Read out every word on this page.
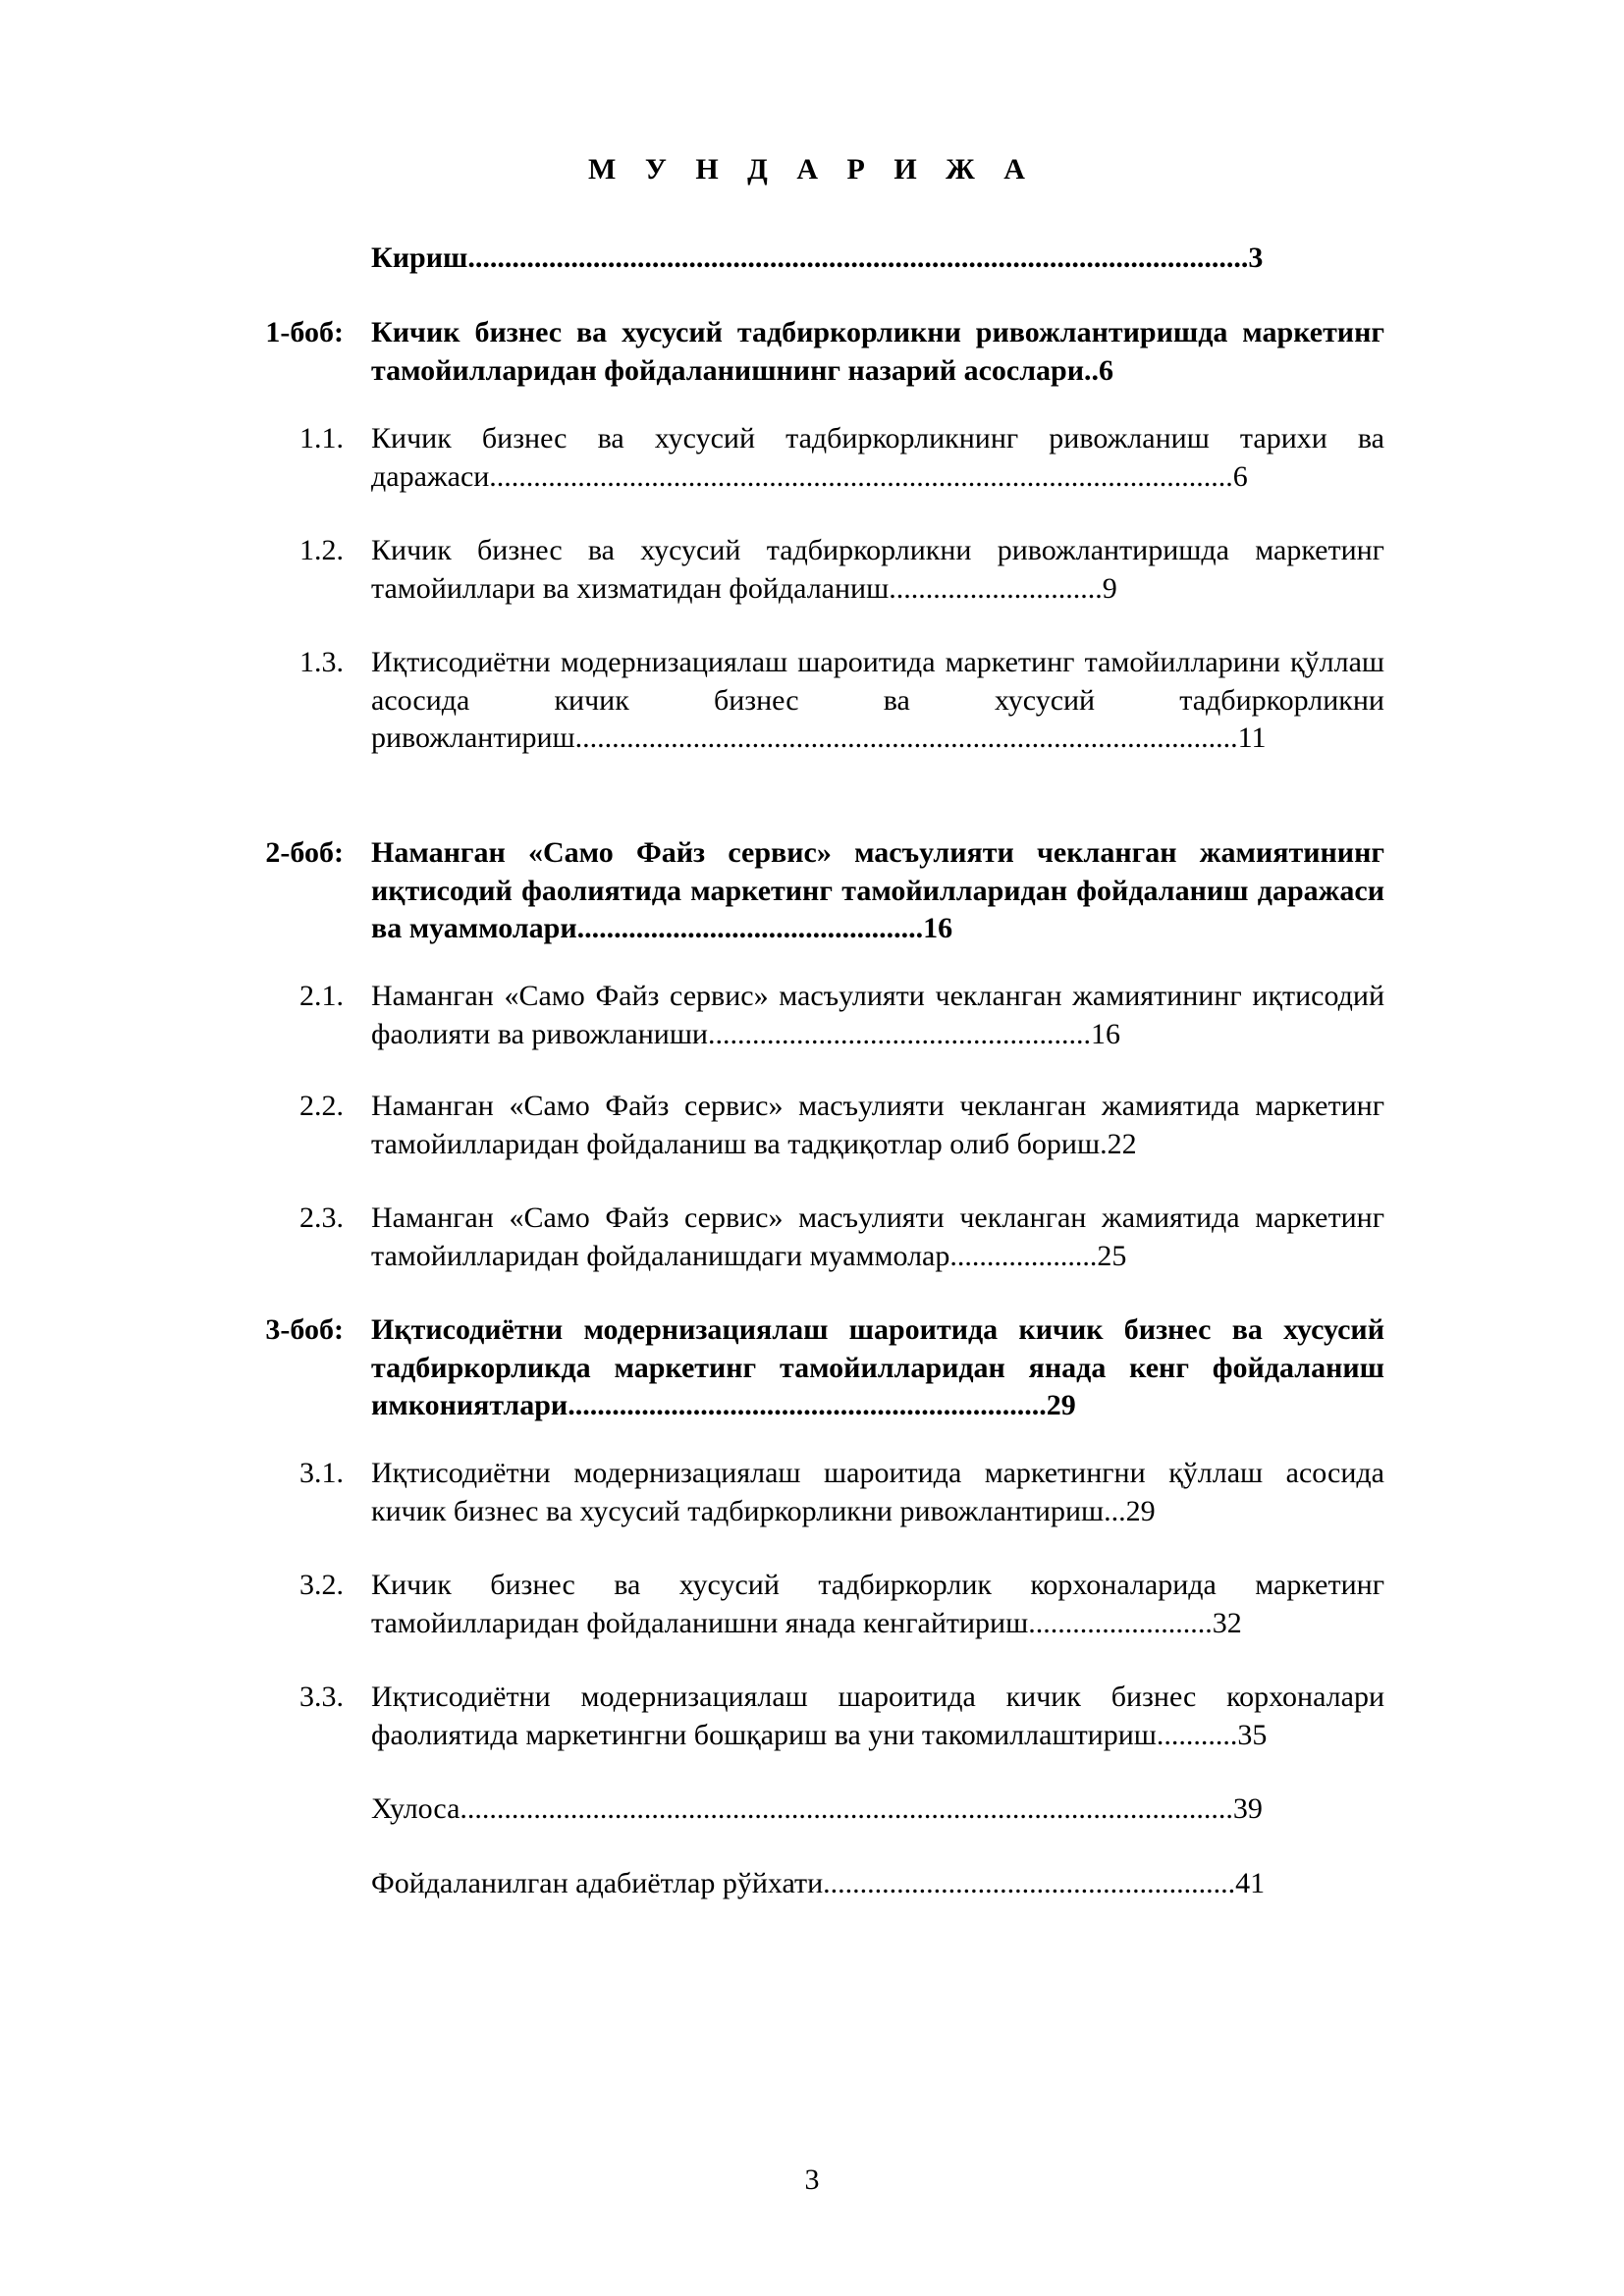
М У Н Д А Р И Ж А
Кириш..........................................................................................................3
1-боб: Кичик бизнес ва хусусий тадбиркорликни ривожлантиришда маркетинг тамойилларидан фойдаланишнинг назарий асослари..6
1.1. Кичик бизнес ва хусусий тадбиркорликнинг ривожланиш тарихи ва даражаси.....................................................................................................6
1.2. Кичик бизнес ва хусусий тадбиркорликни ривожлантиришда маркетинг тамойиллари ва хизматидан фойдаланиш.............................9
1.3. Иқтисодиётни модернизациялаш шароитида маркетинг тамойилларини қўллаш асосида кичик бизнес ва хусусий тадбиркорликни ривожлантириш..........................................................................................11
2-боб: Наманган «Само Файз сервис» масъулияти чекланган жамиятининг иқтисодий фаолиятида маркетинг тамойилларидан фойдаланиш даражаси ва муаммолари...............................................16
2.1. Наманган «Само Файз сервис» масъулияти чекланган жамиятининг иқтисодий фаолияти ва ривожланиши....................................................16
2.2. Наманган «Само Файз сервис» масъулияти чекланган жамиятида маркетинг тамойилларидан фойдаланиш ва тадқиқотлар олиб бориш.22
2.3. Наманган «Само Файз сервис» масъулияти чекланган жамиятида маркетинг тамойилларидан фойдаланишдаги муаммолар....................25
3-боб: Иқтисодиётни модернизациялаш шароитида кичик бизнес ва хусусий тадбиркорликда маркетинг тамойилларидан янада кенг фойдаланиш имкониятлари.................................................................29
3.1. Иқтисодиётни модернизациялаш шароитида маркетингни қўллаш асосида кичик бизнес ва хусусий тадбиркорликни ривожлантириш...29
3.2. Кичик бизнес ва хусусий тадбиркорлик корхоналарида маркетинг тамойилларидан фойдаланишни янада кенгайтириш.........................32
3.3. Иқтисодиётни модернизациялаш шароитида кичик бизнес корхоналари фаолиятида маркетингни бошқариш ва уни такомиллаштириш...........35
Хулоса.........................................................................................................39
Фойдаланилган адабиётлар рўйхати........................................................41
3
